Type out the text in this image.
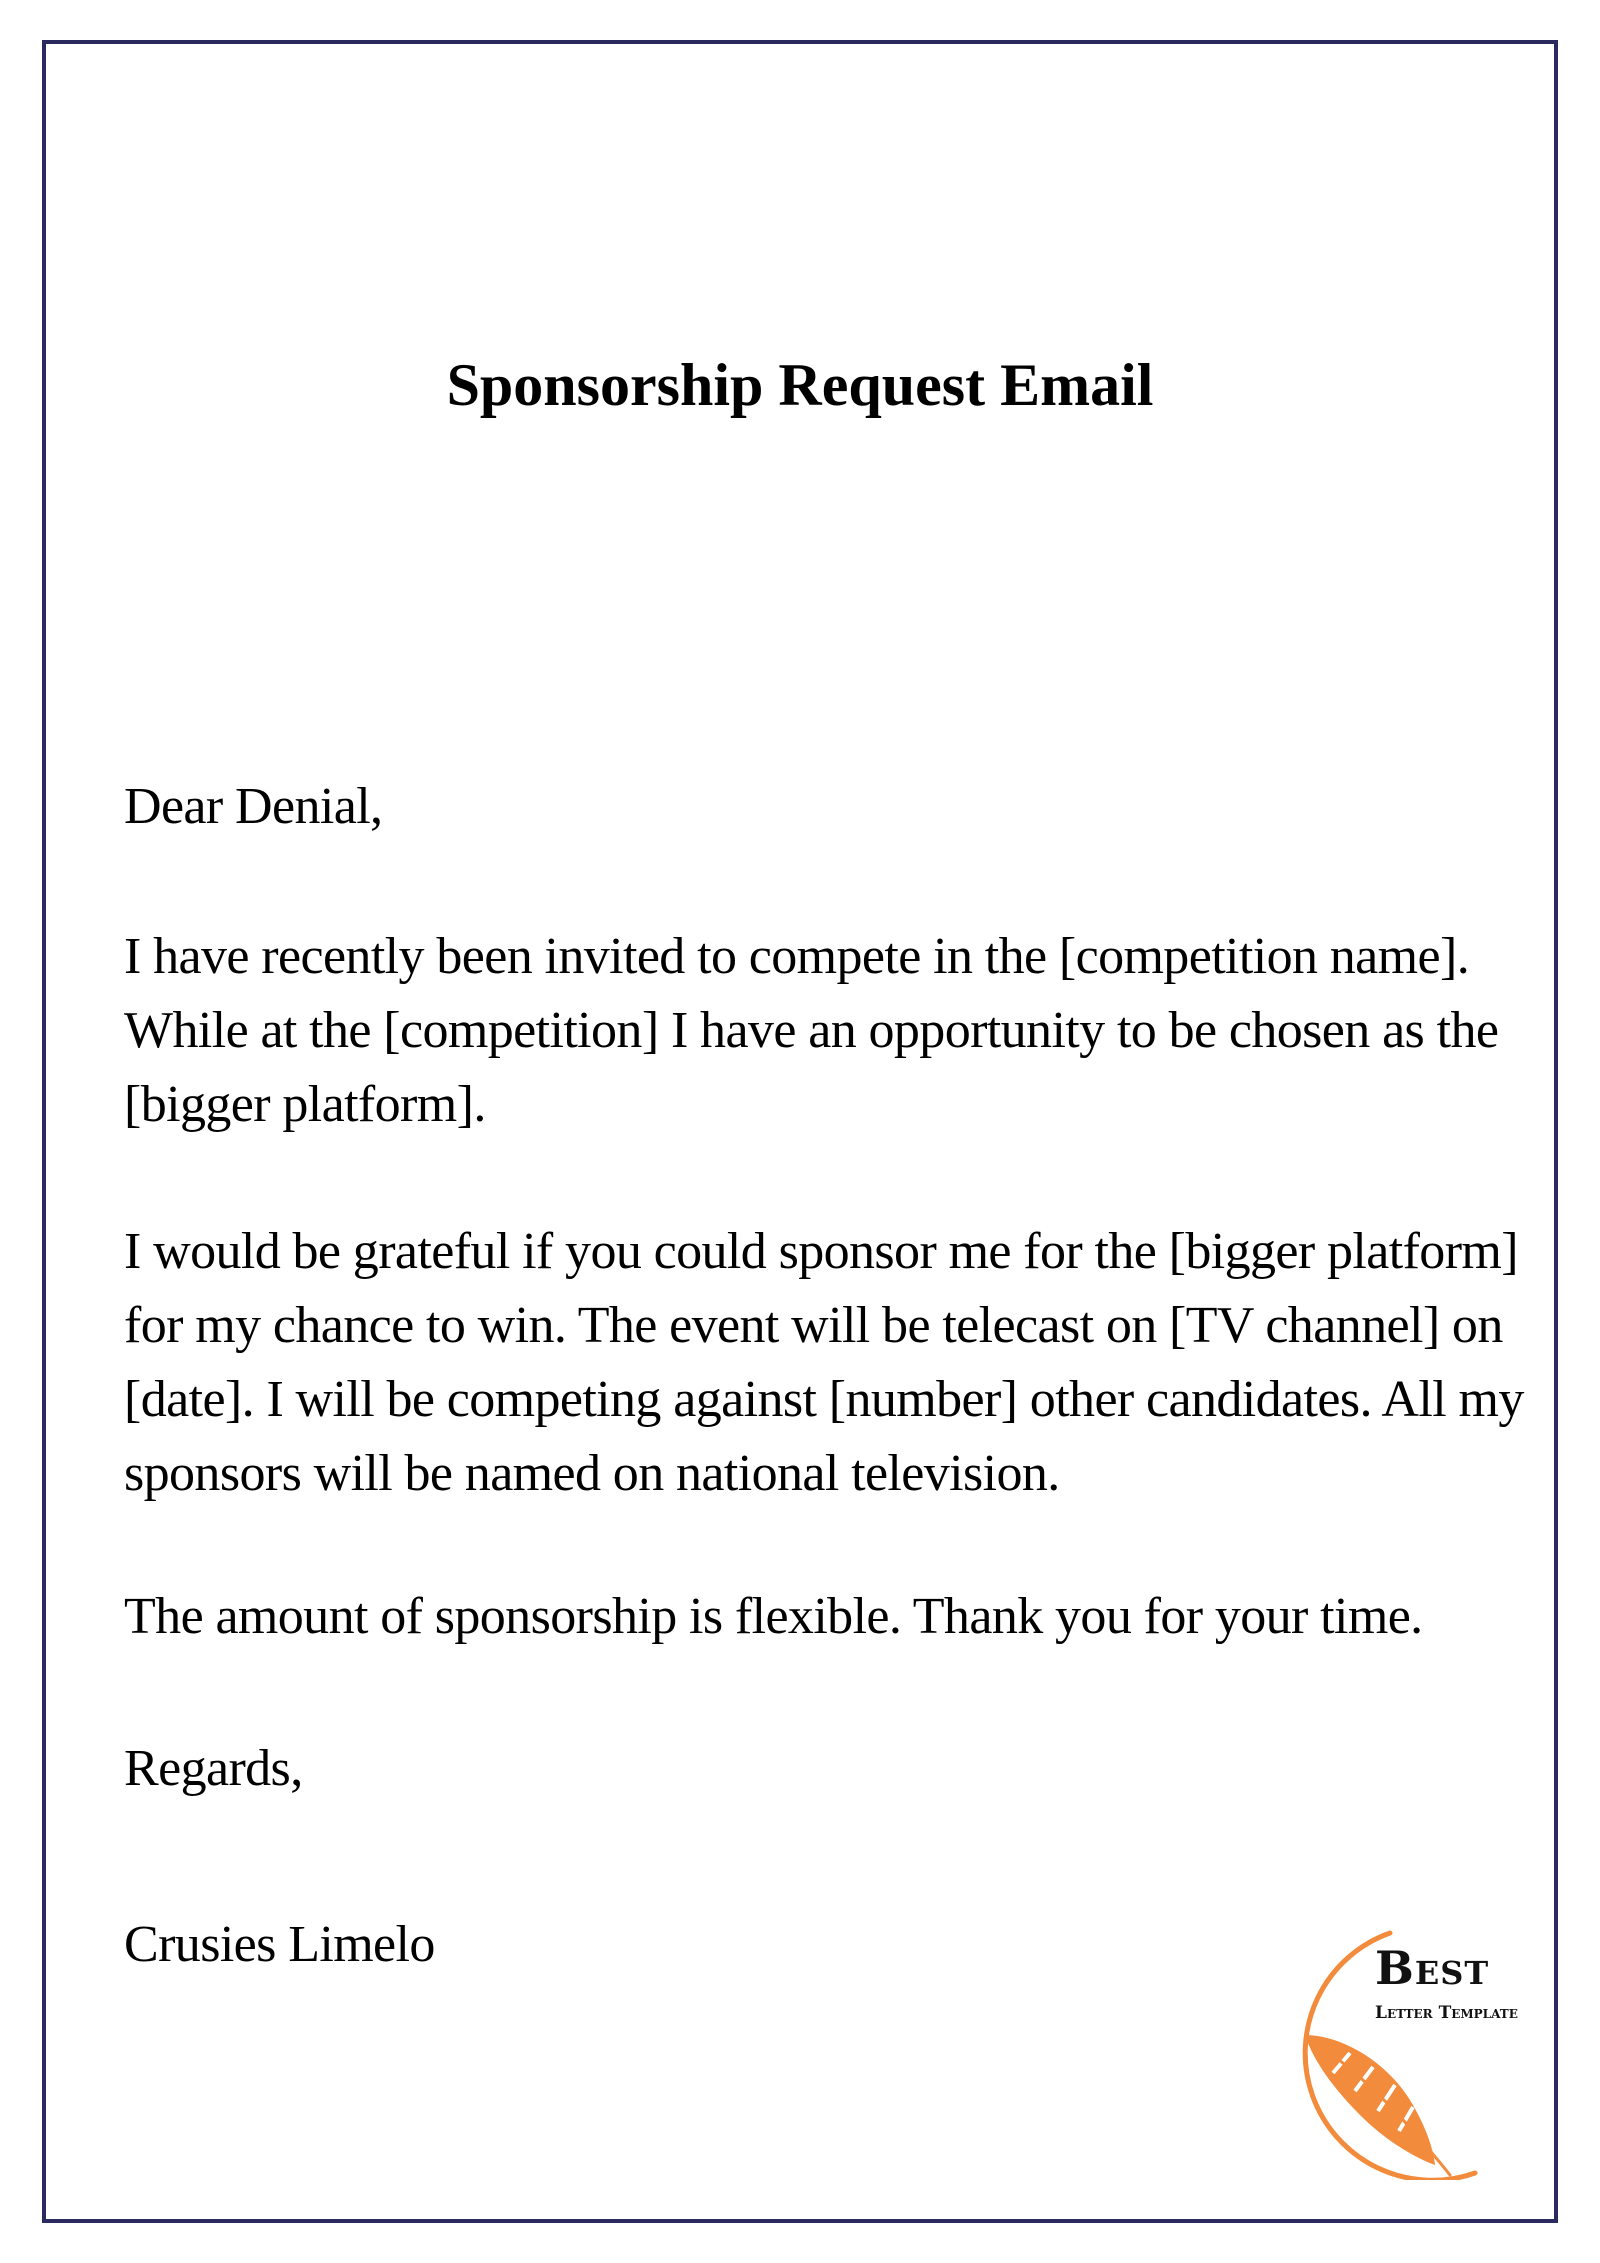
Sponsorship Request Email

Dear Denial,

I have recently been invited to compete in the [competition name].
While at the [competition] I have an opportunity to be chosen as the
[bigger platform].

I would be grateful if you could sponsor me for the [bigger platform]
for my chance to win. The event will be telecast on [TV channel] on
[date]. I will be competing against [number] other candidates. All my
sponsors will be named on national television.

The amount of sponsorship is flexible. Thank you for your time.

Regards,

Crusies Limelo	Best

Letter Template
